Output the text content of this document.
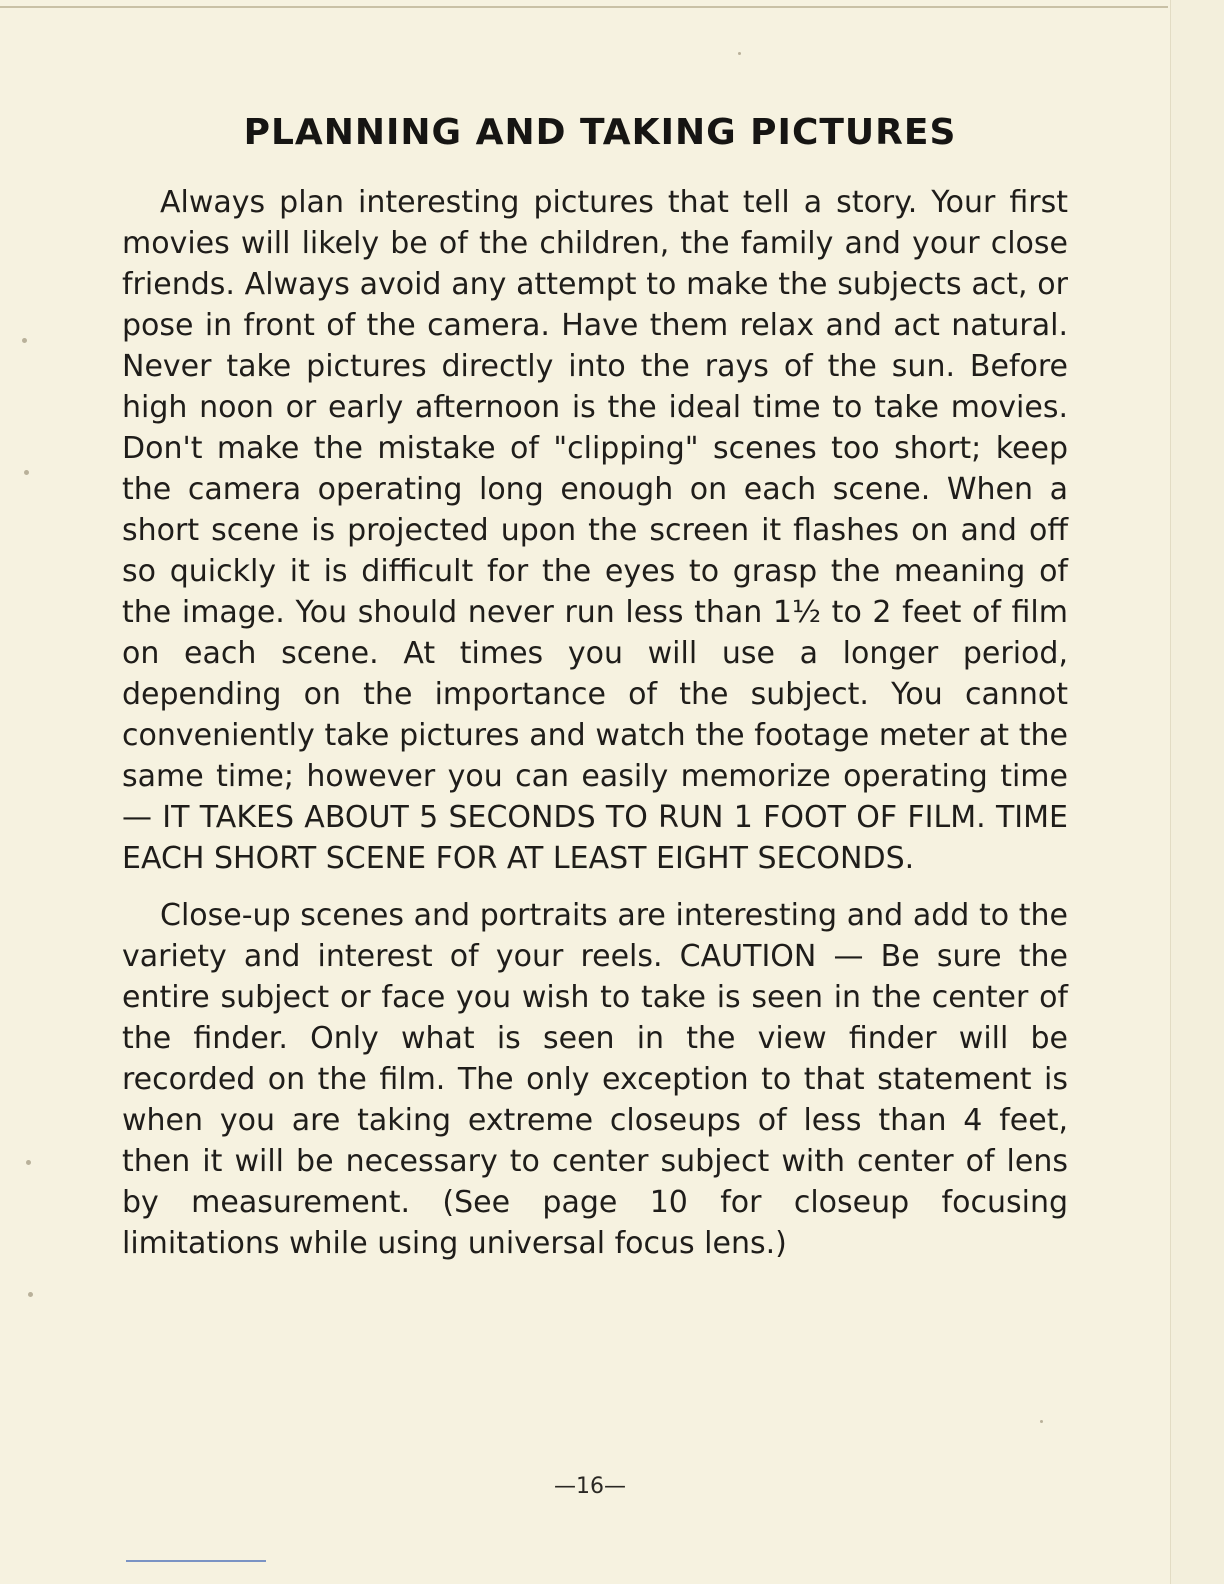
PLANNING AND TAKING PICTURES

Always plan interesting pictures that tell a story. Your first movies will likely be of the children, the family and your close friends. Always avoid any attempt to make the subjects act, or pose in front of the camera. Have them relax and act natural. Never take pictures directly into the rays of the sun. Before high noon or early afternoon is the ideal time to take movies. Don't make the mistake of "clipping" scenes too short; keep the camera operating long enough on each scene. When a short scene is projected upon the screen it flashes on and off so quickly it is difficult for the eyes to grasp the meaning of the image. You should never run less than 1½ to 2 feet of film on each scene. At times you will use a longer period, depending on the importance of the subject. You cannot conveniently take pictures and watch the footage meter at the same time; however you can easily memorize operating time — IT TAKES ABOUT 5 SECONDS TO RUN 1 FOOT OF FILM. TIME EACH SHORT SCENE FOR AT LEAST EIGHT SECONDS.

Close-up scenes and portraits are interesting and add to the variety and interest of your reels. CAUTION — Be sure the entire subject or face you wish to take is seen in the center of the finder. Only what is seen in the view finder will be recorded on the film. The only exception to that statement is when you are taking extreme closeups of less than 4 feet, then it will be necessary to center subject with center of lens by measurement. (See page 10 for closeup focusing limitations while using universal focus lens.)

—16—
